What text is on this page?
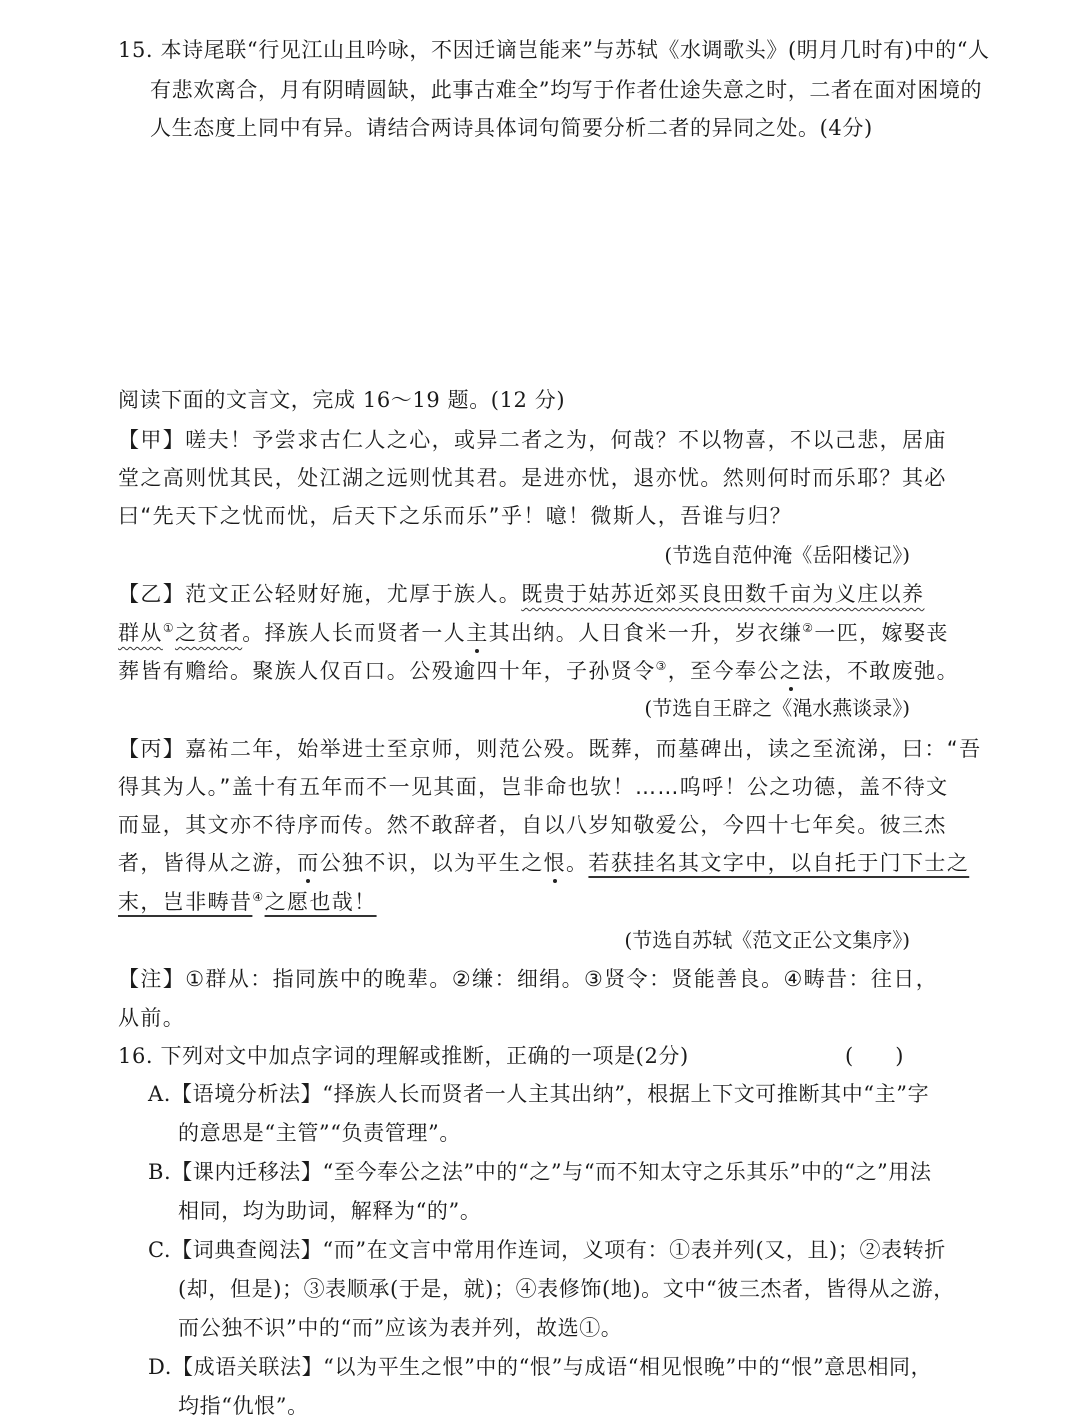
15. 本诗尾联“行见江山且吟咏，不因迁谪岂能来”与苏轼《水调歌头》(明月几时有)中的“人
有悲欢离合，月有阴晴圆缺，此事古难全”均写于作者仕途失意之时，二者在面对困境的
人生态度上同中有异。请结合两诗具体词句简要分析二者的异同之处。(4分)
阅读下面的文言文，完成 16～19 题。(12 分)
【甲】嗟夫！予尝求古仁人之心，或异二者之为，何哉？不以物喜，不以己悲，居庙
堂之高则忧其民，处江湖之远则忧其君。是进亦忧，退亦忧。然则何时而乐耶？其必
曰“先天下之忧而忧，后天下之乐而乐”乎！噫！微斯人，吾谁与归？
(节选自范仲淹《岳阳楼记》)
【乙】范文正公轻财好施，尤厚于族人。既贵于姑苏近郊买良田数千亩为义庄以养
群从①之贫者。择族人长而贤者一人主其出纳。人日食米一升，岁衣缣②一匹，嫁娶丧
葬皆有赡给。聚族人仅百口。公殁逾四十年，子孙贤令③，至今奉公之法，不敢废弛。
(节选自王辟之《渑水燕谈录》)
【丙】嘉祐二年，始举进士至京师，则范公殁。既葬，而墓碑出，读之至流涕，曰：“吾
得其为人。”盖十有五年而不一见其面，岂非命也欤！……呜呼！公之功德，盖不待文
而显，其文亦不待序而传。然不敢辞者，自以八岁知敬爱公，今四十七年矣。彼三杰
者，皆得从之游，而公独不识，以为平生之恨。若获挂名其文字中，以自托于门下士之
末，岂非畴昔④之愿也哉！
(节选自苏轼《范文正公文集序》)
【注】①群从：指同族中的晚辈。②缣：细绢。③贤令：贤能善良。④畴昔：往日，
从前。
16. 下列对文中加点字词的理解或推断，正确的一项是(2分)	(　　)
A.【语境分析法】“择族人长而贤者一人主其出纳”，根据上下文可推断其中“主”字
的意思是“主管”“负责管理”。
B.【课内迁移法】“至今奉公之法”中的“之”与“而不知太守之乐其乐”中的“之”用法
相同，均为助词，解释为“的”。
C.【词典查阅法】“而”在文言中常用作连词，义项有：①表并列(又，且)；②表转折
(却，但是)；③表顺承(于是，就)；④表修饰(地)。文中“彼三杰者，皆得从之游，
而公独不识”中的“而”应该为表并列，故选①。
D.【成语关联法】“以为平生之恨”中的“恨”与成语“相见恨晚”中的“恨”意思相同，
均指“仇恨”。
